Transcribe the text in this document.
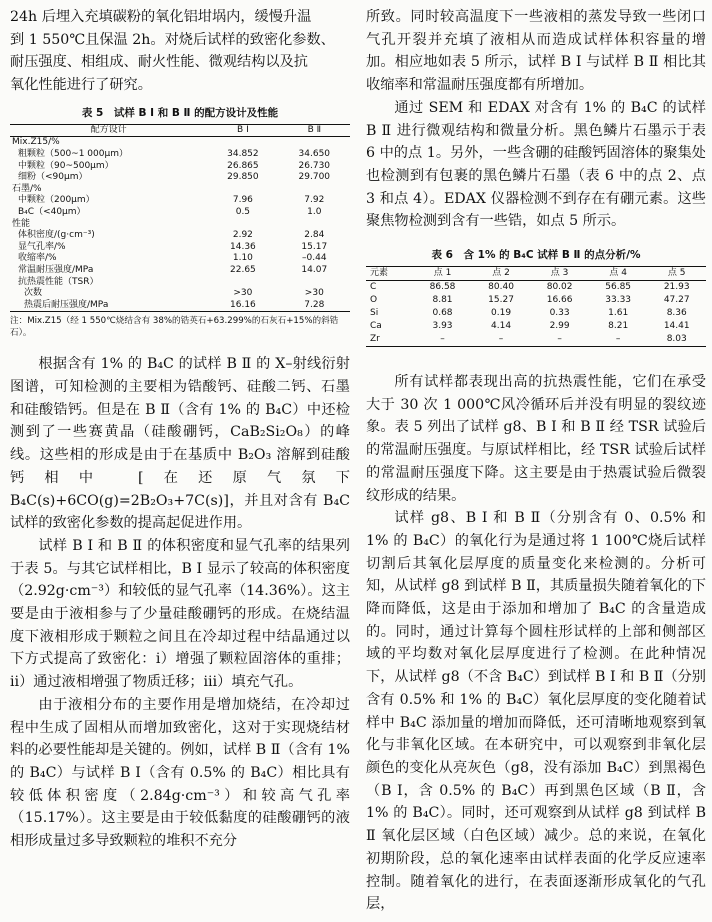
24h 后埋入充填碳粉的氧化铝坩埚内，缓慢升温

到 1 550℃且保温 2h。对烧后试样的致密化参数、

耐压强度、相组成、耐火性能、微观结构以及抗

氧化性能进行了研究。

表 5　试样 B I 和 B Ⅱ 的配方设计及性能
配方设计	B I	B Ⅱ
Mix.Z15/%		
粗颗粒（500~1 000μm）	34.852	34.650
中颗粒（90~500μm）	26.865	26.730
细粉（<90μm）	29.850	29.700
石墨/%		
中颗粒（200μm）	7.96	7.92
B₄C（<40μm）	0.5	1.0
性能		
体积密度/(g·cm⁻³)	2.92	2.84
显气孔率/%	14.36	15.17
收缩率/%	1.10	–0.44
常温耐压强度/MPa	22.65	14.07
抗热震性能（TSR）		
次数	>30	>30
热震后耐压强度/MPa	16.16	7.28

注：Mix.Z15（经 1 550℃烧结含有 38%的锆英石+63.299%的石灰石+15%的斜锆石）。

根据含有 1% 的 B₄C 的试样 B Ⅱ 的 X–射线衍射图谱，可知检测的主要相为锆酸钙、硅酸二钙、石墨和硅酸锆钙。但是在 B Ⅱ（含有 1% 的 B₄C）中还检测到了一些赛黄晶（硅酸硼钙，CaB₂Si₂O₈）的峰线。这些相的形成是由于在基质中 B₂O₃ 溶解到硅酸钙相中 [在还原气氛下 B₄C(s)+6CO(g)=2B₂O₃+7C(s)]，并且对含有 B₄C 试样的致密化参数的提高起促进作用。

试样 B I 和 B Ⅱ 的体积密度和显气孔率的结果列于表 5。与其它试样相比，B I 显示了较高的体积密度（2.92g·cm⁻³）和较低的显气孔率（14.36%）。这主要是由于液相参与了少量硅酸硼钙的形成。在烧结温度下液相形成于颗粒之间且在冷却过程中结晶通过以下方式提高了致密化：ⅰ）增强了颗粒固溶体的重排；ⅱ）通过液相增强了物质迁移；ⅲ）填充气孔。

由于液相分布的主要作用是增加烧结，在冷却过程中生成了固相从而增加致密化，这对于实现烧结材料的必要性能却是关键的。例如，试样 B Ⅱ（含有 1% 的 B₄C）与试样 B I（含有 0.5% 的 B₄C）相比具有较低体积密度（2.84g·cm⁻³）和较高气孔率（15.17%）。这主要是由于较低黏度的硅酸硼钙的液相形成量过多导致颗粒的堆积不充分

所致。同时较高温度下一些液相的蒸发导致一些闭口气孔开裂并充填了液相从而造成试样体积容量的增加。相应地如表 5 所示，试样 B I 与试样 B Ⅱ 相比其收缩率和常温耐压强度都有所增加。

通过 SEM 和 EDAX 对含有 1% 的 B₄C 的试样 B Ⅱ 进行微观结构和微量分析。黑色鳞片石墨示于表 6 中的点 1。另外，一些含硼的硅酸钙固溶体的聚集处也检测到有包裹的黑色鳞片石墨（表 6 中的点 2、点 3 和点 4）。EDAX 仪器检测不到存在有硼元素。这些聚焦物检测到含有一些锆，如点 5 所示。

表 6　含 1% 的 B₄C 试样 B Ⅱ 的点分析/%
元素	点 1	点 2	点 3	点 4	点 5
C	86.58	80.40	80.02	56.85	21.93
O	8.81	15.27	16.66	33.33	47.27
Si	0.68	0.19	0.33	1.61	8.36
Ca	3.93	4.14	2.99	8.21	14.41
Zr	–	–	–	–	8.03

所有试样都表现出高的抗热震性能，它们在承受大于 30 次 1 000℃风冷循环后并没有明显的裂纹迹象。表 5 列出了试样 g8、B I 和 B Ⅱ 经 TSR 试验后的常温耐压强度。与原试样相比，经 TSR 试验后试样的常温耐压强度下降。这主要是由于热震试验后微裂纹形成的结果。

试样 g8、B I 和 B Ⅱ（分别含有 0、0.5% 和 1% 的 B₄C）的氧化行为是通过将 1 100℃烧后试样切割后其氧化层厚度的质量变化来检测的。分析可知，从试样 g8 到试样 B Ⅱ，其质量损失随着氧化的下降而降低，这是由于添加和增加了 B₄C 的含量造成的。同时，通过计算每个圆柱形试样的上部和侧部区域的平均数对氧化层厚度进行了检测。在此种情况下，从试样 g8（不含 B₄C）到试样 B I 和 B Ⅱ（分别含有 0.5% 和 1% 的 B₄C）氧化层厚度的变化随着试样中 B₄C 添加量的增加而降低，还可清晰地观察到氧化与非氧化区域。在本研究中，可以观察到非氧化层颜色的变化从亮灰色（g8，没有添加 B₄C）到黑褐色（B I，含 0.5% 的 B₄C）再到黑色区域（B Ⅱ，含 1% 的 B₄C）。同时，还可观察到从试样 g8 到试样 B Ⅱ 氧化层区域（白色区域）减少。总的来说，在氧化初期阶段，总的氧化速率由试样表面的化学反应速率控制。随着氧化的进行，在表面逐渐形成氧化的气孔层，
